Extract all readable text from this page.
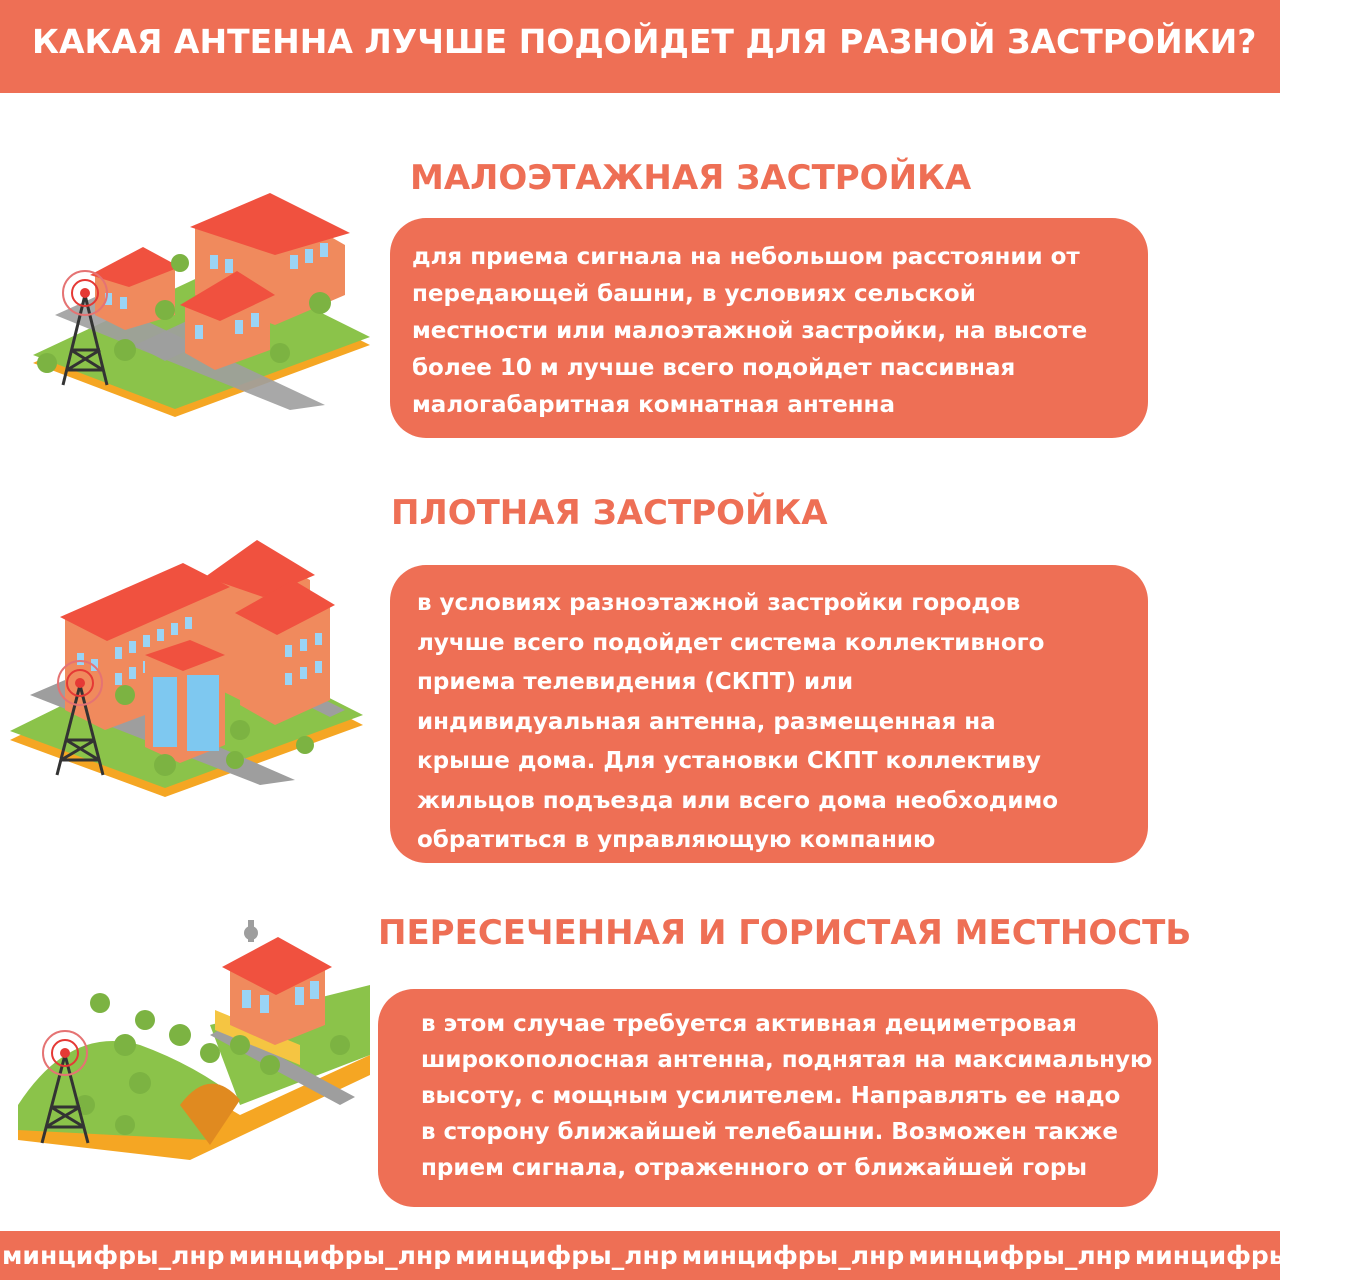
КАКАЯ АНТЕННА ЛУЧШЕ ПОДОЙДЕТ ДЛЯ РАЗНОЙ ЗАСТРОЙКИ?
МАЛОЭТАЖНАЯ ЗАСТРОЙКА

для приема сигнала на небольшом расстоянии от

передающей башни, в условиях сельской

местности или малоэтажной застройки, на высоте

более 10 м лучше всего подойдет пассивная

малогабаритная комнатная антенна

ПЛОТНАЯ ЗАСТРОЙКА

в условиях разноэтажной застройки городов

лучше всего подойдет система коллективного

приема телевидения (СКПТ) или

индивидуальная антенна, размещенная на

крыше дома. Для установки СКПТ коллективу

жильцов подъезда или всего дома необходимо

обратиться в управляющую компанию

ПЕРЕСЕЧЕННАЯ И ГОРИСТАЯ МЕСТНОСТЬ

в этом случае требуется активная дециметровая

широкополосная антенна, поднятая на максимальную

высоту, с мощным усилителем. Направлять ее надо

в сторону ближайшей телебашни. Возможен также

прием сигнала, отраженного от ближайшей горы

минцифры_лнр минцифры_лнр минцифры_лнр минцифры_лнр минцифры_лнр минцифры_лнр
